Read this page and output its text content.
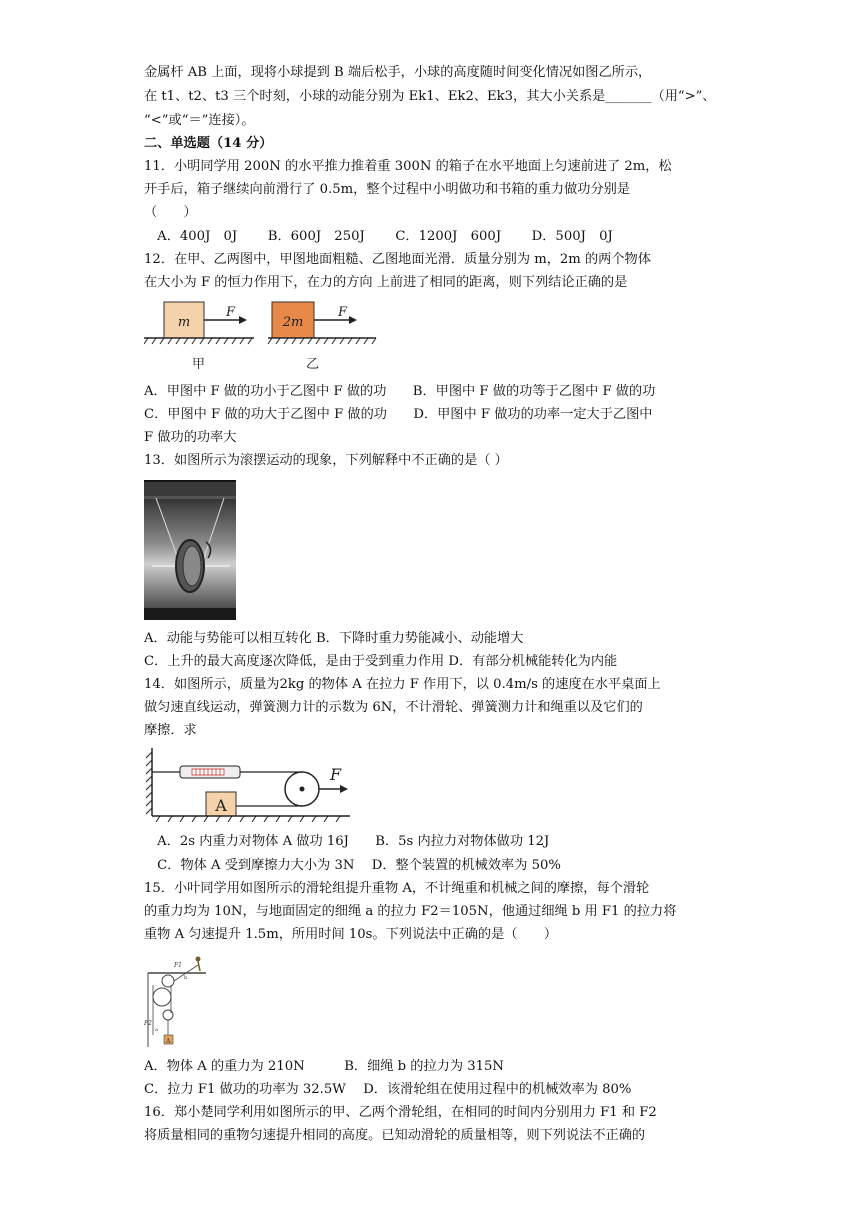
金属杆 AB 上面，现将小球提到 B 端后松手，小球的高度随时间变化情况如图乙所示，
在 t1、t2、t3 三个时刻，小球的动能分别为 Ek1、Ek2、Ek3，其大小关系是_______（用“>”、
“<”或“＝”连接）。
二、单选题（14 分）
11．小明同学用 200N 的水平推力推着重 300N 的箱子在水平地面上匀速前进了 2m，松
开手后，箱子继续向前滑行了 0.5m，整个过程中小明做功和书箱的重力做功分别是
（　　）
　A．400J　0J　　 B．600J　250J　　 C．1200J　600J　　 D．500J　0J
12．在甲、乙两图中，甲图地面粗糙、乙图地面光滑．质量分别为 m，2m 的两个物体
在大小为 F 的恒力作用下，在力的方向 上前进了相同的距离，则下列结论正确的是
m
F
甲
2m
F
乙
A．甲图中 F 做的功小于乙图中 F 做的功　　B．甲图中 F 做的功等于乙图中 F 做的功
C．甲图中 F 做的功大于乙图中 F 做的功　　D．甲图中 F 做功的功率一定大于乙图中
F 做功的功率大
13．如图所示为滚摆运动的现象，下列解释中不正确的是（ ）
A．动能与势能可以相互转化 B．下降时重力势能减小、动能增大
C．上升的最大高度逐次降低，是由于受到重力作用 D．有部分机械能转化为内能
14．如图所示，质量为2kg 的物体 A 在拉力 F 作用下，以 0.4m/s 的速度在水平桌面上
做匀速直线运动，弹簧测力计的示数为 6N，不计滑轮、弹簧测力计和绳重以及它们的
摩擦．求
F
A
　A．2s 内重力对物体 A 做功 16J　　B．5s 内拉力对物体做功 12J
　C．物体 A 受到摩擦力大小为 3N　 D．整个装置的机械效率为 50%
15．小叶同学用如图所示的滑轮组提升重物 A，不计绳重和机械之间的摩擦，每个滑轮
的重力均为 10N，与地面固定的细绳 a 的拉力 F2＝105N，他通过细绳 b 用 F1 的拉力将
重物 A 匀速提升 1.5m，所用时间 10s。下列说法中正确的是（　　）
F1
F2
a
b
A
A．物体 A 的重力为 210N　　　B．细绳 b 的拉力为 315N
C．拉力 F1 做功的功率为 32.5W　 D．该滑轮组在使用过程中的机械效率为 80%
16．郑小楚同学利用如图所示的甲、乙两个滑轮组，在相同的时间内分别用力 F1 和 F2
将质量相同的重物匀速提升相同的高度。已知动滑轮的质量相等，则下列说法不正确的
